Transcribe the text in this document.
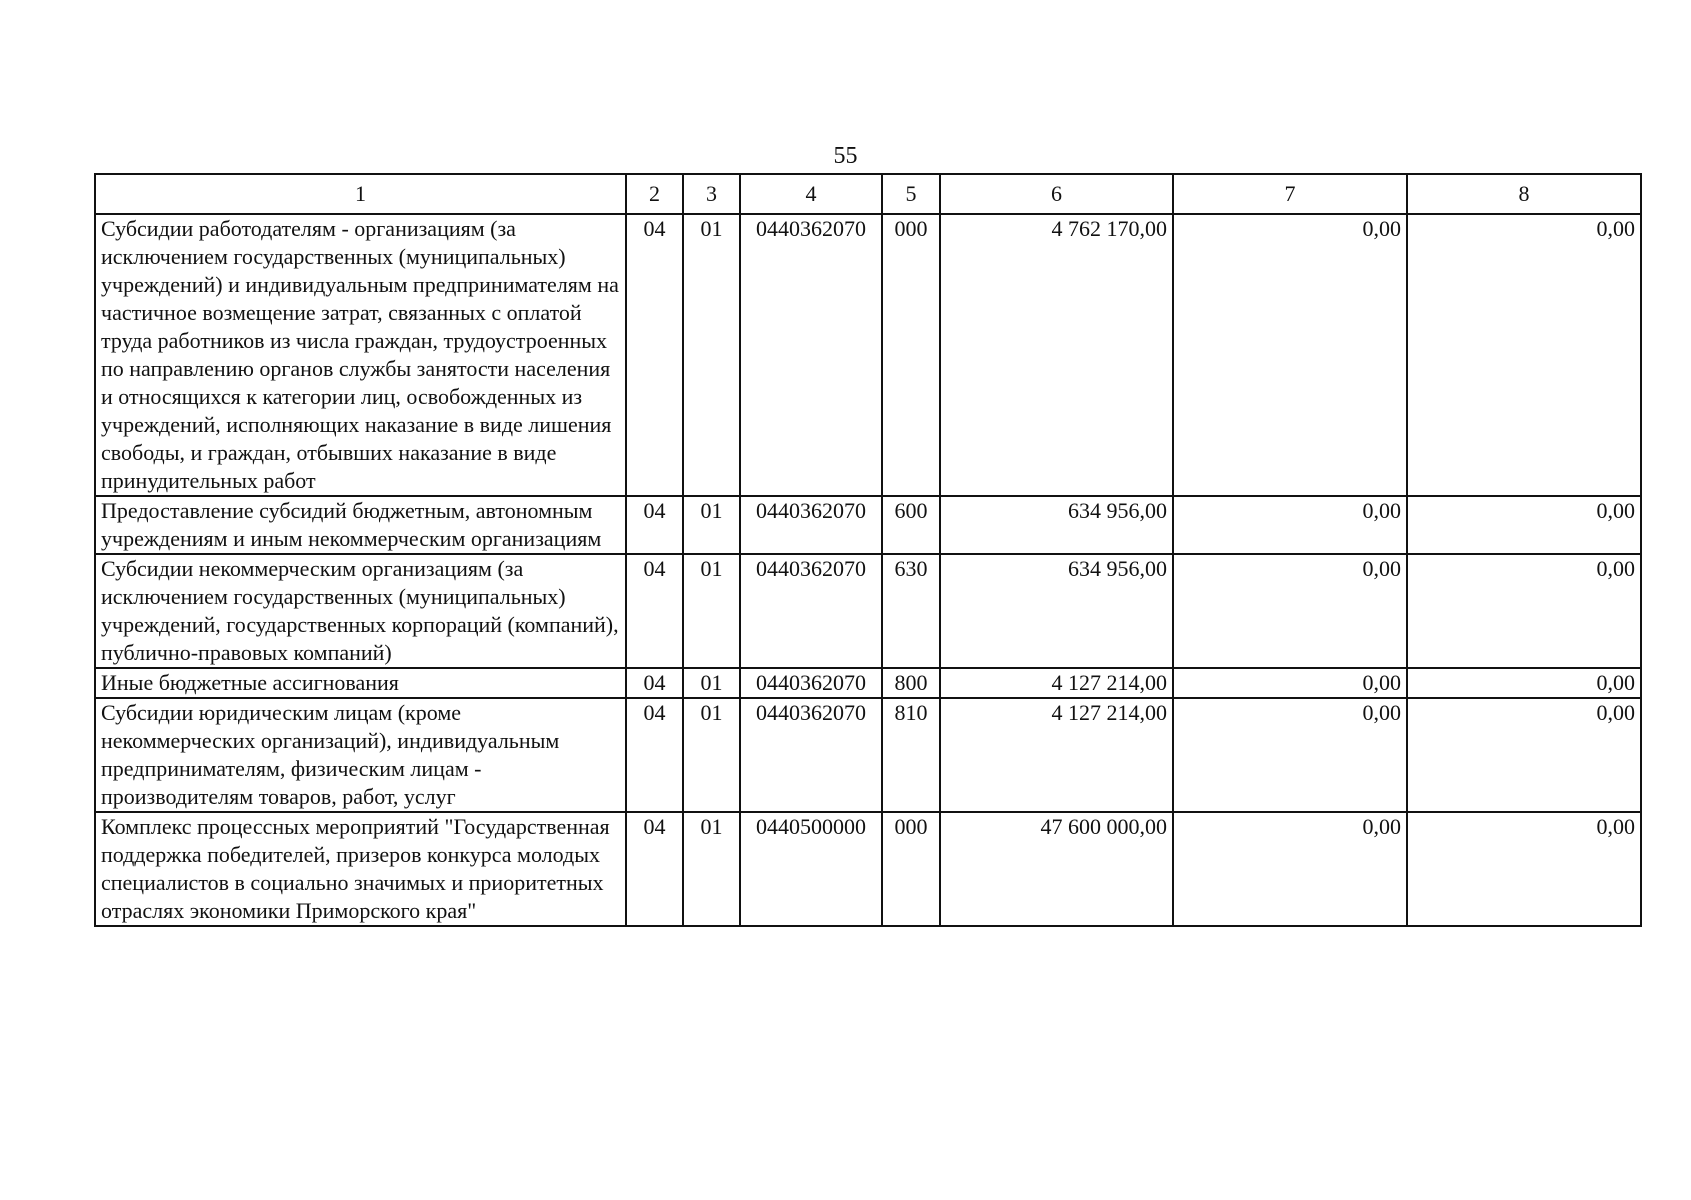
55
1	2	3	4	5	6	7	8
Субсидии работодателям - организациям (за исключением государственных (муниципальных) учреждений) и индивидуальным предпринимателям на частичное возмещение затрат, связанных с оплатой труда работников из числа граждан, трудоустроенных по направлению органов службы занятости населения и относящихся к категории лиц, освобожденных из учреждений, исполняющих наказание в виде лишения свободы, и граждан, отбывших наказание в виде принудительных работ	04	01	0440362070	000	4 762 170,00	0,00	0,00
Предоставление субсидий бюджетным, автономным учреждениям и иным некоммерческим организациям	04	01	0440362070	600	634 956,00	0,00	0,00
Субсидии некоммерческим организациям (за исключением государственных (муниципальных) учреждений, государственных корпораций (компаний), публично-правовых компаний)	04	01	0440362070	630	634 956,00	0,00	0,00
Иные бюджетные ассигнования	04	01	0440362070	800	4 127 214,00	0,00	0,00
Субсидии юридическим лицам (кроме некоммерческих организаций), индивидуальным предпринимателям, физическим лицам - производителям товаров, работ, услуг	04	01	0440362070	810	4 127 214,00	0,00	0,00
Комплекс процессных мероприятий "Государственная поддержка победителей, призеров конкурса молодых специалистов в социально значимых и приоритетных отраслях экономики Приморского края"	04	01	0440500000	000	47 600 000,00	0,00	0,00
